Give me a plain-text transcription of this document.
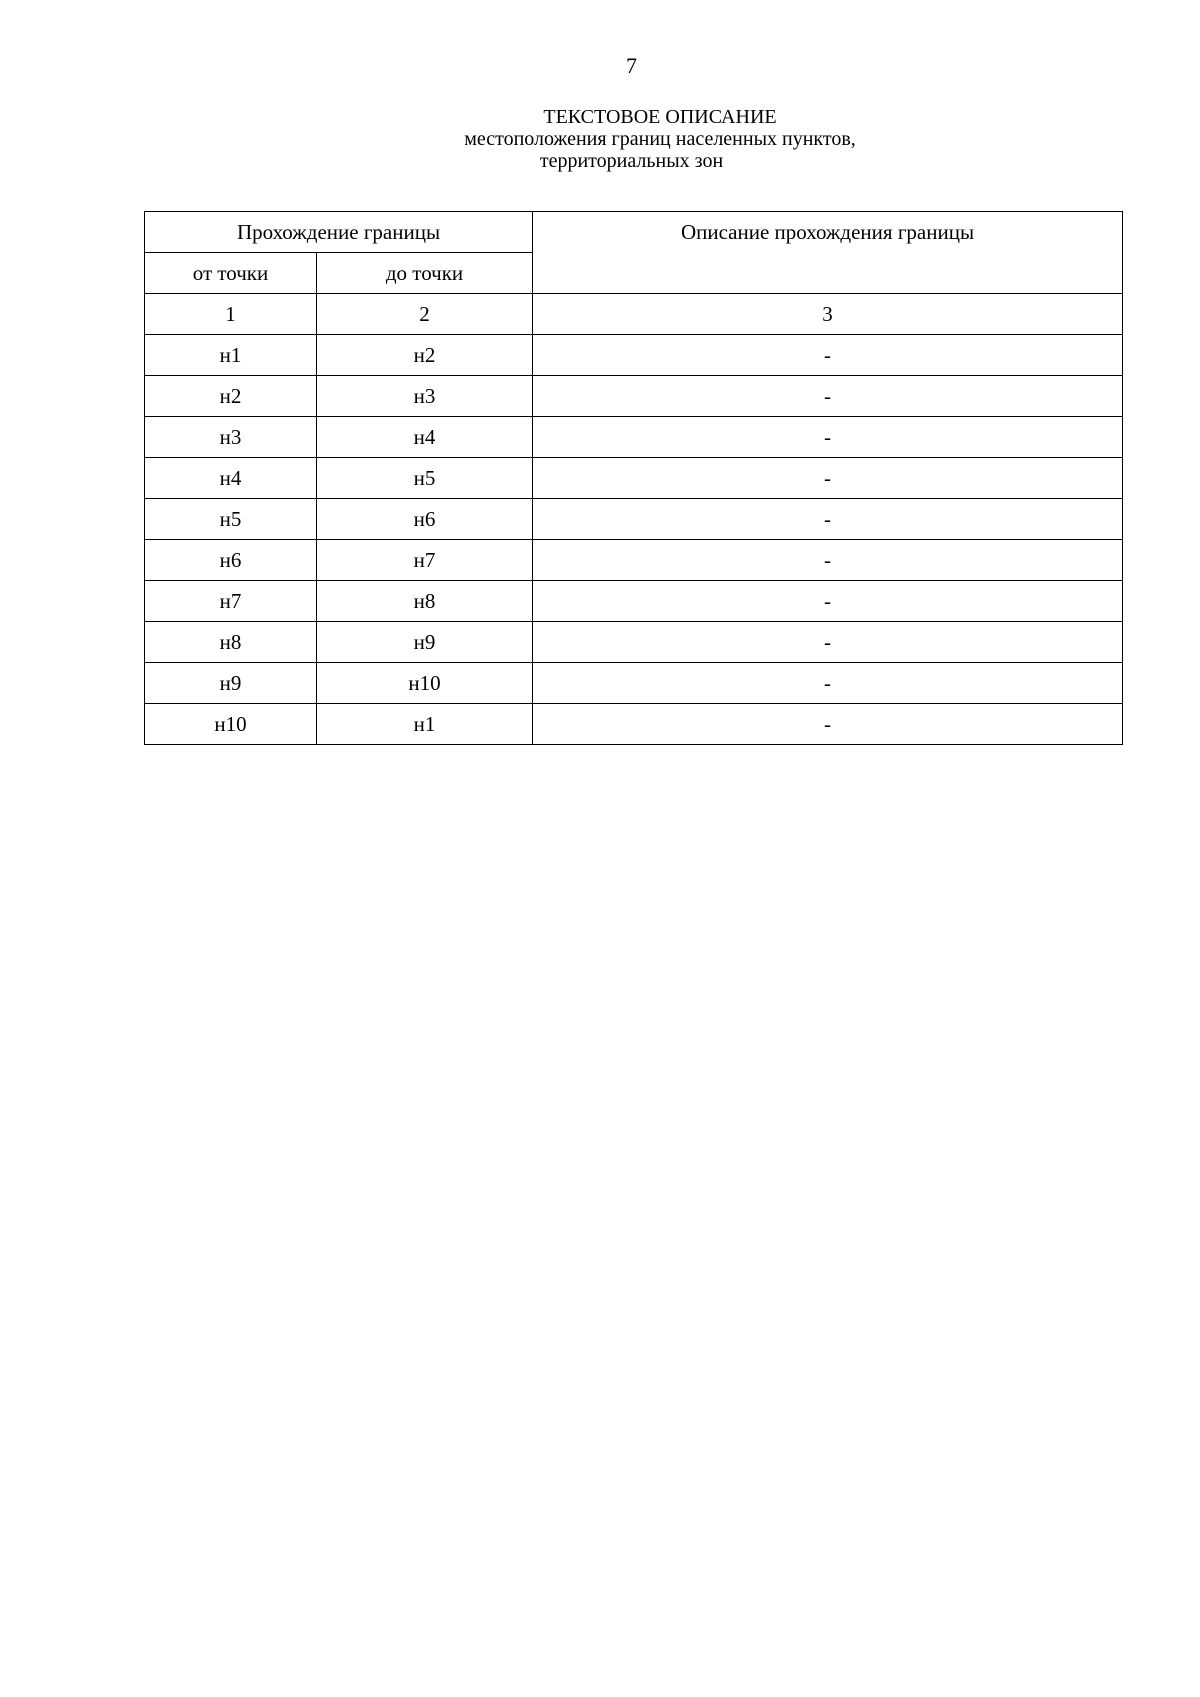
7
ТЕКСТОВОЕ ОПИСАНИЕ
местоположения границ населенных пунктов,
территориальных зон
Прохождение границы		Описание прохождения границы
от точки	до точки	
1	2	3
н1	н2	-
н2	н3	-
н3	н4	-
н4	н5	-
н5	н6	-
н6	н7	-
н7	н8	-
н8	н9	-
н9	н10	-
н10	н1	-
